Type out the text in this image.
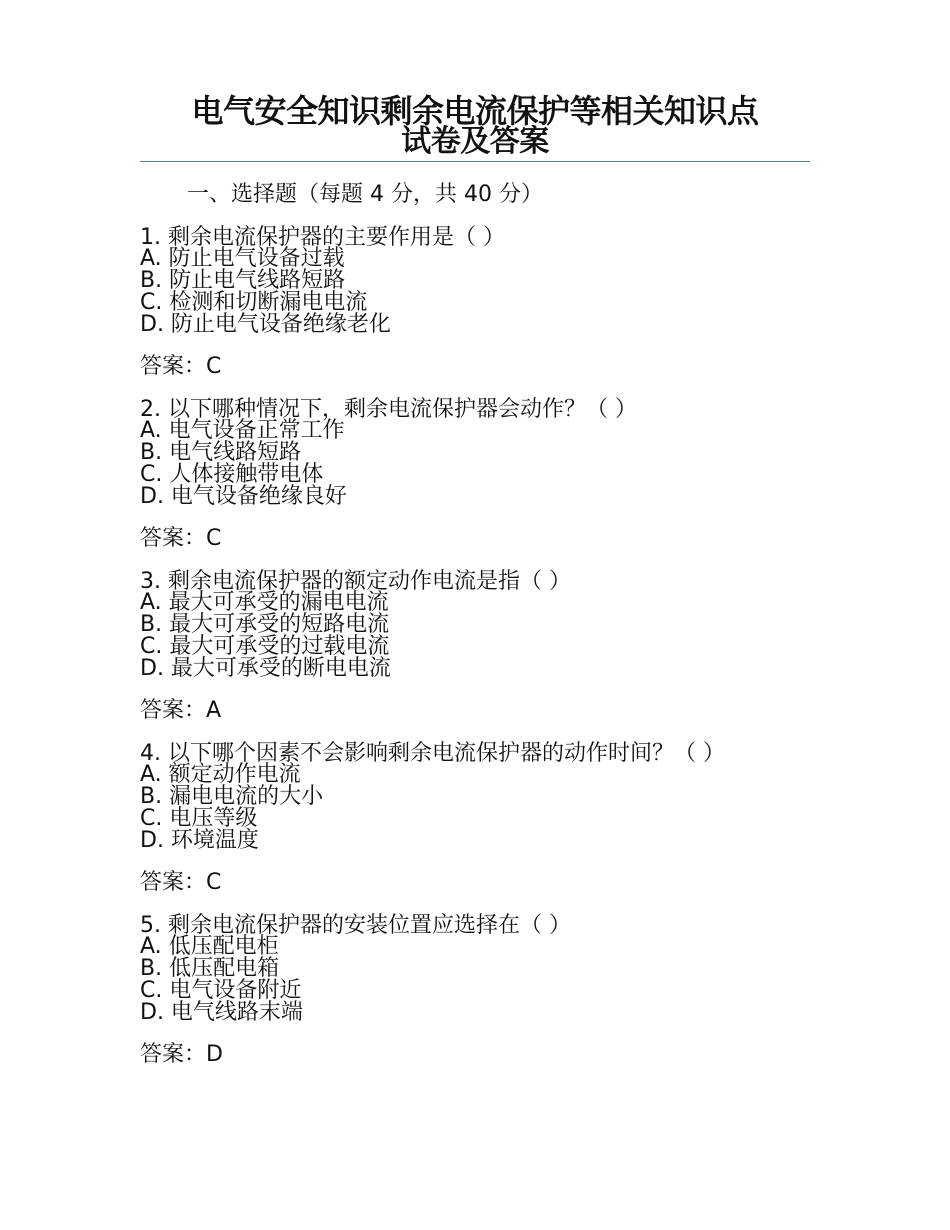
电气安全知识剩余电流保护等相关知识点
试卷及答案
一、选择题（每题 4 分，共 40 分）
1. 剩余电流保护器的主要作用是（ ）
A. 防止电气设备过载
B. 防止电气线路短路
C. 检测和切断漏电电流
D. 防止电气设备绝缘老化
答案：C
2. 以下哪种情况下，剩余电流保护器会动作？（ ）
A. 电气设备正常工作
B. 电气线路短路
C. 人体接触带电体
D. 电气设备绝缘良好
答案：C
3. 剩余电流保护器的额定动作电流是指（ ）
A. 最大可承受的漏电电流
B. 最大可承受的短路电流
C. 最大可承受的过载电流
D. 最大可承受的断电电流
答案：A
4. 以下哪个因素不会影响剩余电流保护器的动作时间？（ ）
A. 额定动作电流
B. 漏电电流的大小
C. 电压等级
D. 环境温度
答案：C
5. 剩余电流保护器的安装位置应选择在（ ）
A. 低压配电柜
B. 低压配电箱
C. 电气设备附近
D. 电气线路末端
答案：D
